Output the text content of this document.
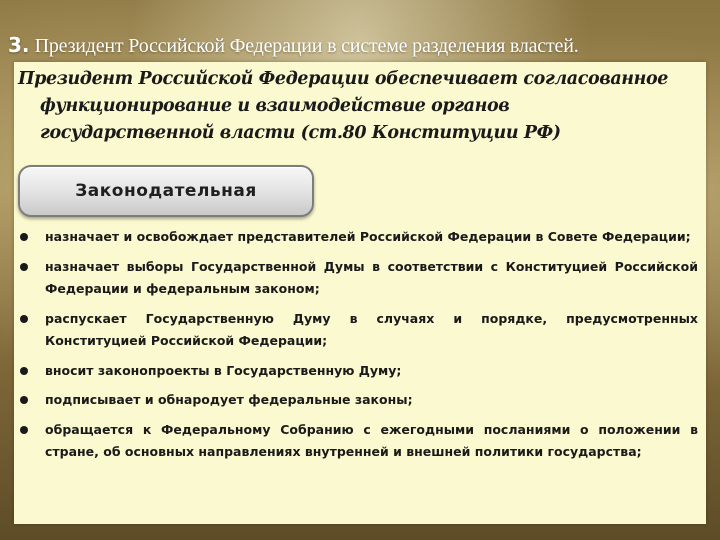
3. Президент Российской Федерации в системе разделения властей.
Президент Российской Федерации обеспечивает согласованное
функционирование и взаимодействие органов
государственной власти (ст.80 Конституции РФ)
Законодательная
назначает и освобождает представителей Российской Федерации в Совете Федерации;
назначает выборы Государственной Думы в соответствии с Конституцией Российской Федерации и федеральным законом;
распускает Государственную Думу в случаях и порядке, предусмотренных Конституцией Российской Федерации;
вносит законопроекты в Государственную Думу;
подписывает и обнародует федеральные законы;
обращается к Федеральному Собранию с ежегодными посланиями о положении в стране, об основных направлениях внутренней и внешней политики государства;
